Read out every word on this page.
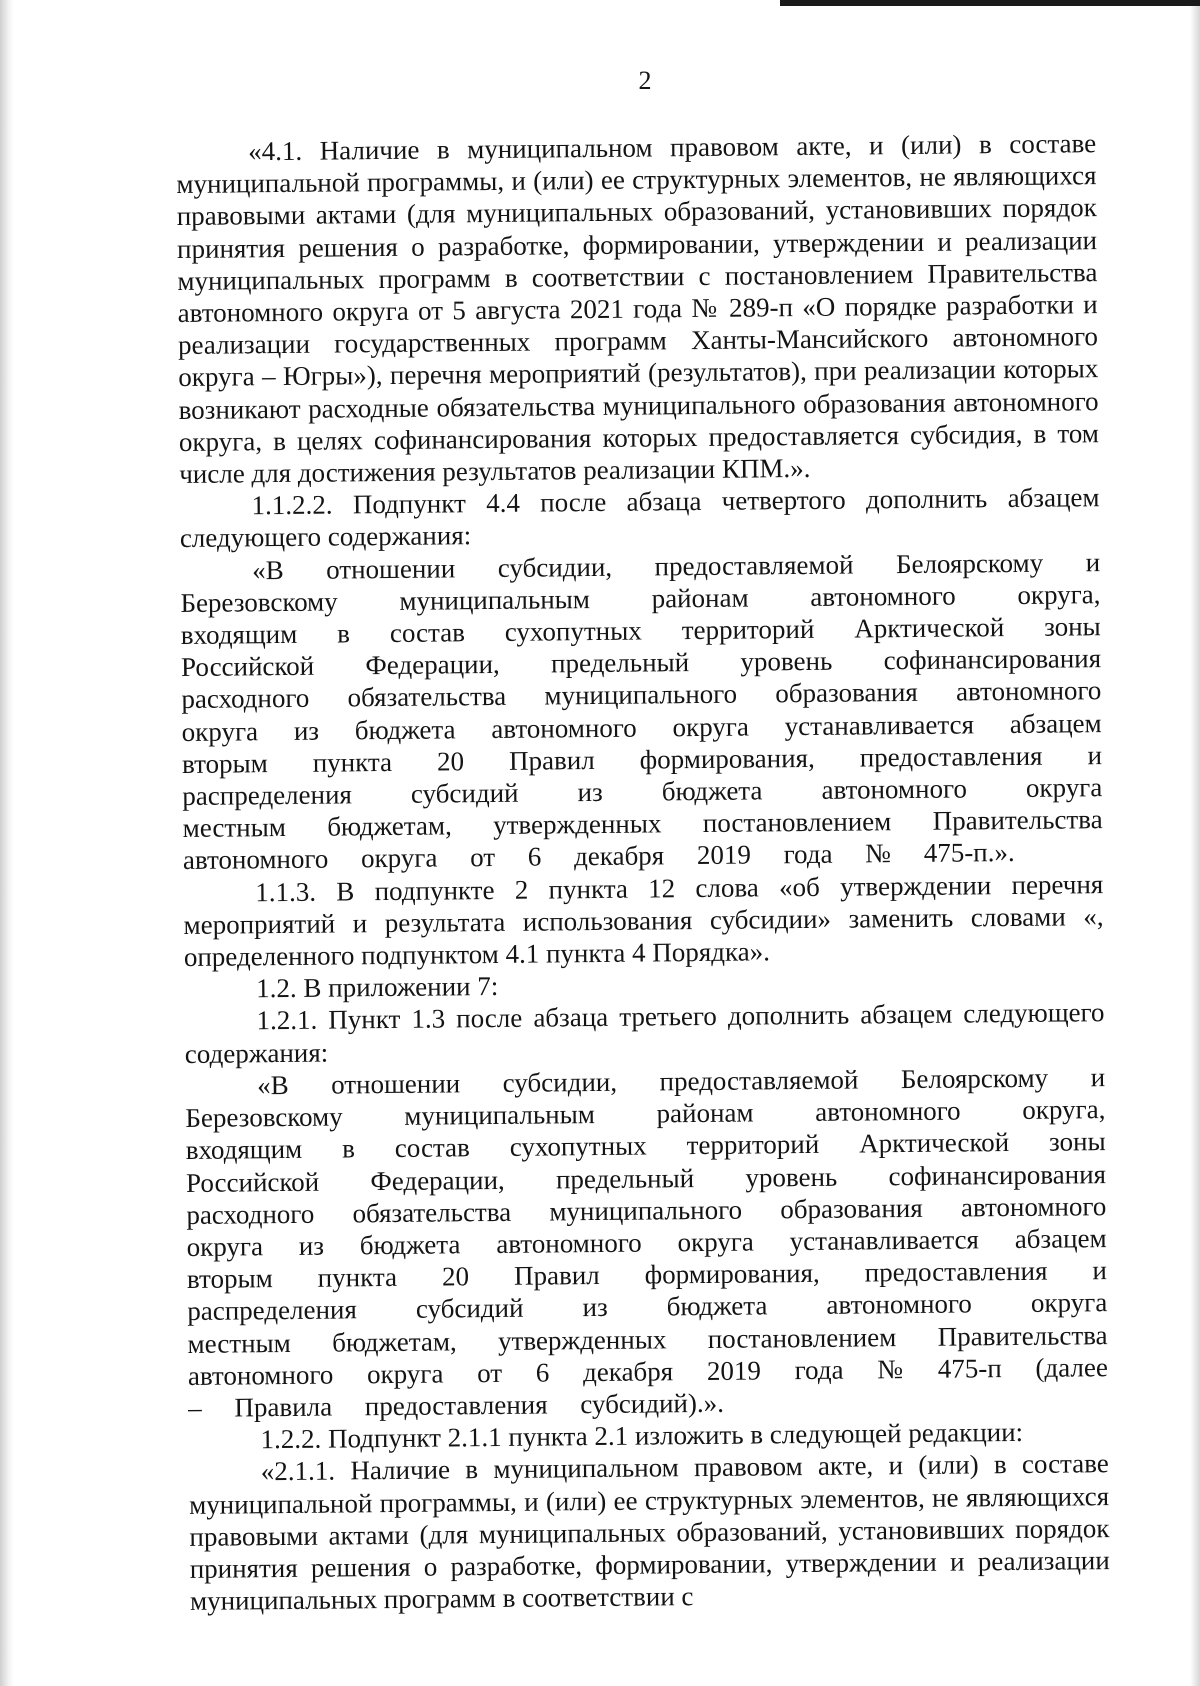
2

«4.1. Наличие в муниципальном правовом акте, и (или) в составе муниципальной программы, и (или) ее структурных элементов, не являющихся правовыми актами (для муниципальных образований, установивших порядок принятия решения о разработке, формировании, утверждении и реализации муниципальных программ в соответствии с постановлением Правительства автономного округа от 5 августа 2021 года № 289-п «О порядке разработки и реализации государственных программ Ханты-Мансийского автономного округа – Югры»), перечня мероприятий (результатов), при реализации которых возникают расходные обязательства муниципального образования автономного округа, в целях софинансирования которых предоставляется субсидия, в том числе для достижения результатов реализации КПМ.».

1.1.2.2. Подпункт 4.4 после абзаца четвертого дополнить абзацем следующего содержания:

«В отношении субсидии, предоставляемой Белоярскому и Березовскому муниципальным районам автономного округа, входящим в состав сухопутных территорий Арктической зоны Российской Федерации, предельный уровень софинансирования расходного обязательства муниципального образования автономного округа из бюджета автономного округа устанавливается абзацем вторым пункта 20 Правил формирования, предоставления и распределения субсидий из бюджета автономного округа местным бюджетам, утвержденных постановлением Правительства автономного округа от 6 декабря 2019 года № 475-п.».

1.1.3. В подпункте 2 пункта 12 слова «об утверждении перечня мероприятий и результата использования субсидии» заменить словами «, определенного подпунктом 4.1 пункта 4 Порядка».

1.2. В приложении 7:

1.2.1. Пункт 1.3 после абзаца третьего дополнить абзацем следующего содержания:

«В отношении субсидии, предоставляемой Белоярскому и Березовскому муниципальным районам автономного округа, входящим в состав сухопутных территорий Арктической зоны Российской Федерации, предельный уровень софинансирования расходного обязательства муниципального образования автономного округа из бюджета автономного округа устанавливается абзацем вторым пункта 20 Правил формирования, предоставления и распределения субсидий из бюджета автономного округа местным бюджетам, утвержденных постановлением Правительства автономного округа от 6 декабря 2019 года № 475-п (далее – Правила предоставления субсидий).».

1.2.2. Подпункт 2.1.1 пункта 2.1 изложить в следующей редакции:

«2.1.1. Наличие в муниципальном правовом акте, и (или) в составе муниципальной программы, и (или) ее структурных элементов, не являющихся правовыми актами (для муниципальных образований, установивших порядок принятия решения о разработке, формировании, утверждении и реализации муниципальных программ в соответствии с
